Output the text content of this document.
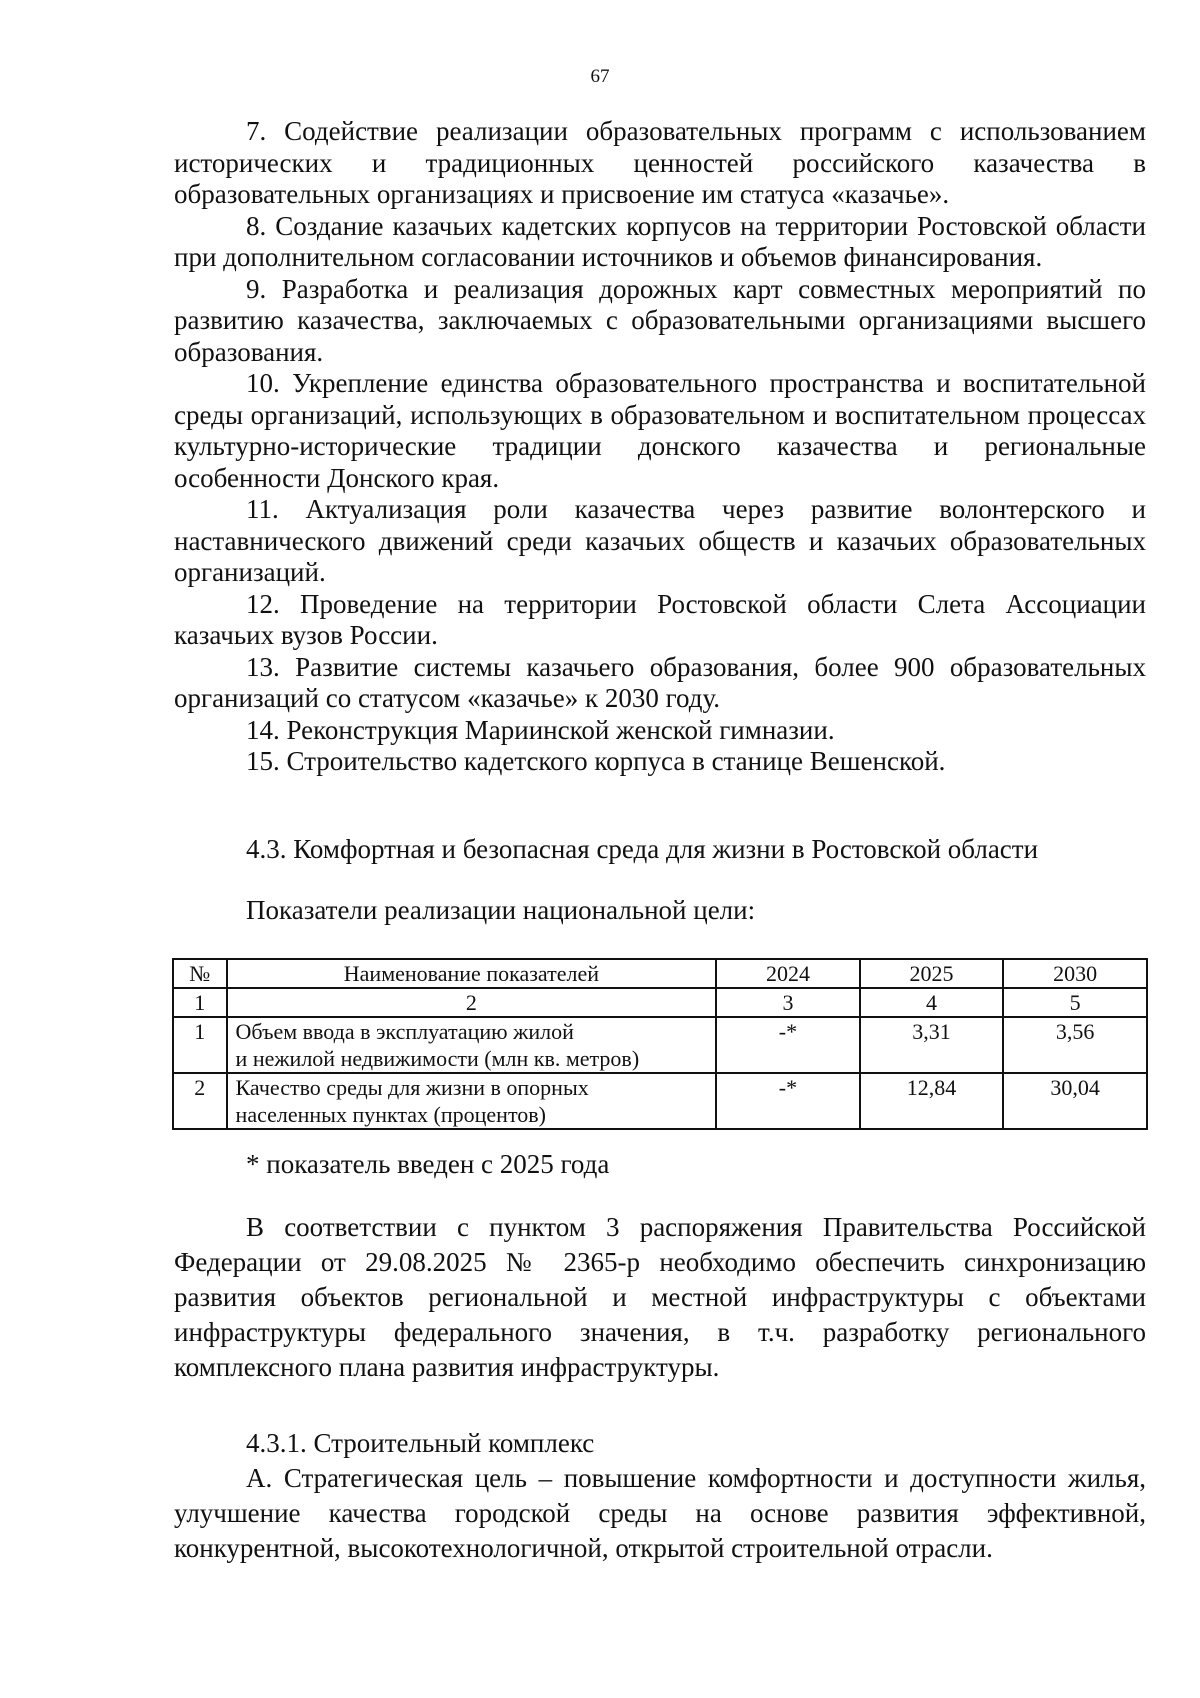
67

7. Содействие реализации образовательных программ с использованием исторических и традиционных ценностей российского казачества в образовательных организациях и присвоение им статуса «казачье».

8. Создание казачьих кадетских корпусов на территории Ростовской области при дополнительном согласовании источников и объемов финансирования.

9. Разработка и реализация дорожных карт совместных мероприятий по развитию казачества, заключаемых с образовательными организациями высшего образования.

10. Укрепление единства образовательного пространства и воспитательной среды организаций, использующих в образовательном и воспитательном процессах культурно-исторические традиции донского казачества и региональные особенности Донского края.

11. Актуализация роли казачества через развитие волонтерского и наставнического движений среди казачьих обществ и казачьих образовательных организаций.

12. Проведение на территории Ростовской области Слета Ассоциации казачьих вузов России.

13. Развитие системы казачьего образования, более 900 образовательных организаций со статусом «казачье» к 2030 году.

14. Реконструкция Мариинской женской гимназии.

15. Строительство кадетского корпуса в станице Вешенской.

4.3. Комфортная и безопасная среда для жизни в Ростовской области

Показатели реализации национальной цели:

№	Наименование показателей	2024	2025	2030
1	2	3	4	5
1	Объем ввода в эксплуатацию жилой
и нежилой недвижимости (млн кв. метров)	-*	3,31	3,56
2	Качество среды для жизни в опорных
населенных пунктах (процентов)	-*	12,84	30,04

* показатель введен с 2025 года

В соответствии с пунктом 3 распоряжения Правительства Российской Федерации от 29.08.2025 № 2365-р необходимо обеспечить синхронизацию развития объектов региональной и местной инфраструктуры с объектами инфраструктуры федерального значения, в т.ч. разработку регионального комплексного плана развития инфраструктуры.

4.3.1. Строительный комплекс

А. Стратегическая цель – повышение комфортности и доступности жилья, улучшение качества городской среды на основе развития эффективной, конкурентной, высокотехнологичной, открытой строительной отрасли.
